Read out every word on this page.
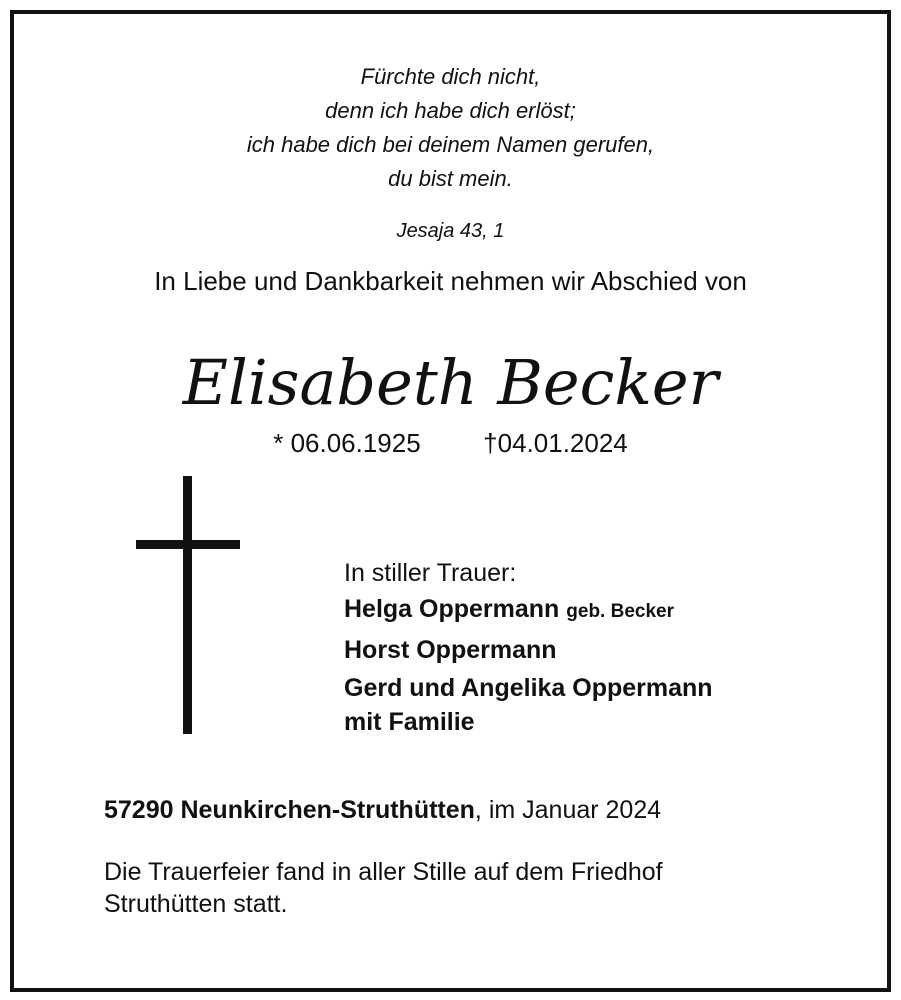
Fürchte dich nicht,
denn ich habe dich erlöst;
ich habe dich bei deinem Namen gerufen,
du bist mein.
Jesaja 43, 1
In Liebe und Dankbarkeit nehmen wir Abschied von
Elisabeth Becker
* 06.06.1925 †04.01.2024
In stiller Trauer:
Helga Oppermann geb. Becker
Horst Oppermann
Gerd und Angelika Oppermann
mit Familie
57290 Neunkirchen-Struthütten, im Januar 2024
Die Trauerfeier fand in aller Stille auf dem Friedhof
Struthütten statt.
